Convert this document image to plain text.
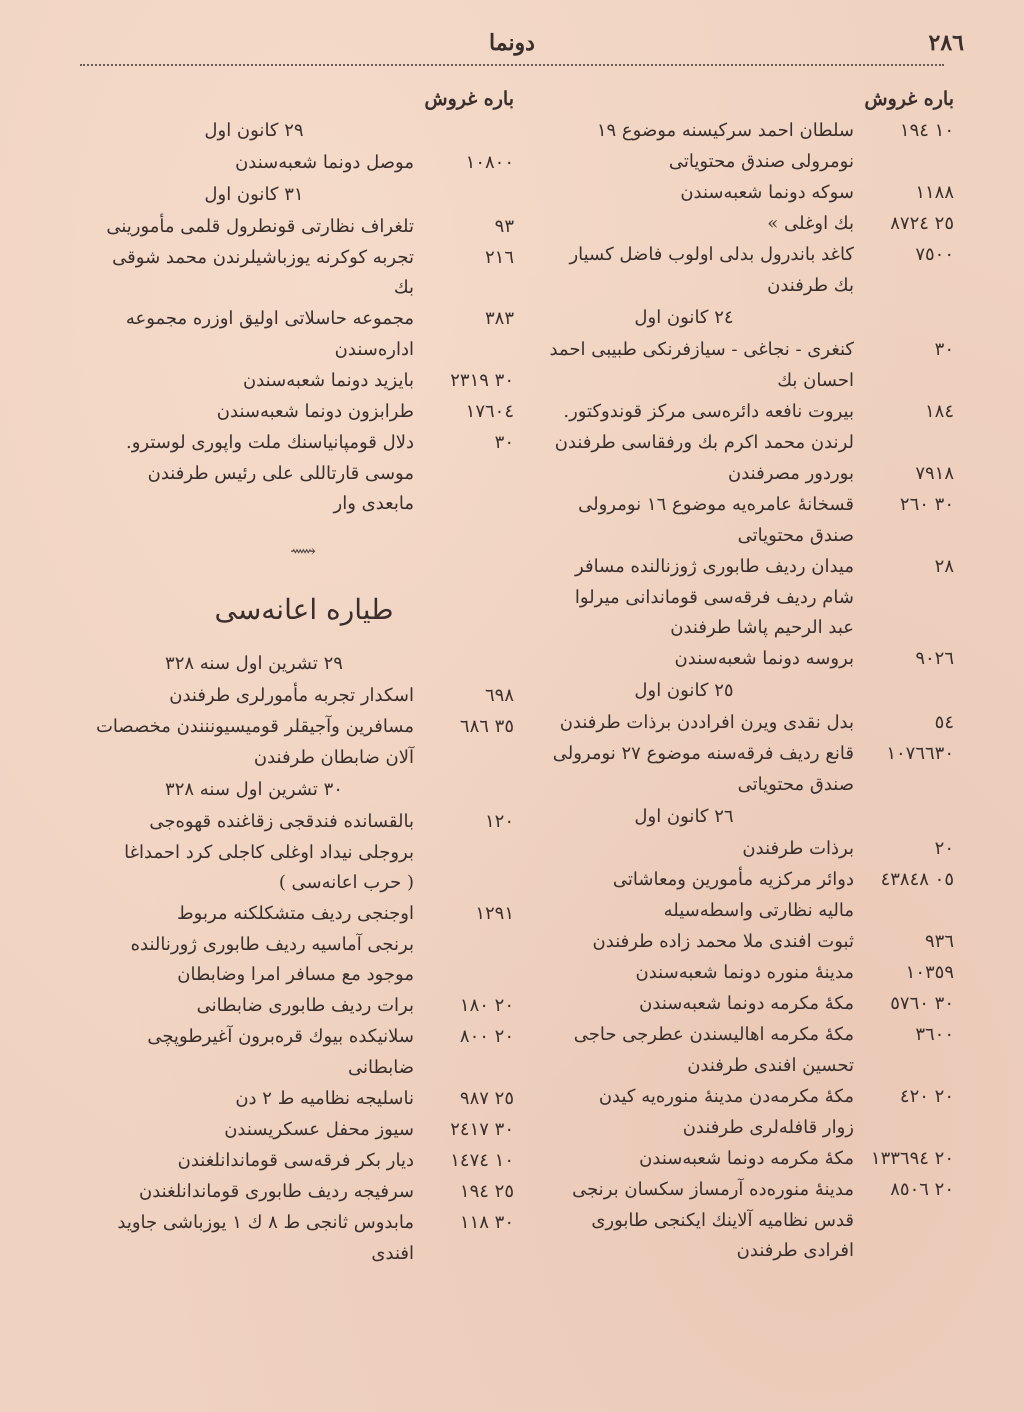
۲۸٦
دونما
باره غروش
١٠ ١٩٤
سلطان احمد سركيسنه موضوع ١٩
نومرولى صندق محتوياتى
١١٨٨
سوكه دونما شعبه‌سندن
٢٥ ٨٧٢٤
بك اوغلى »
٧٥٠٠
كاغد باندرول بدلى اولوب فاضل كسيار
بك طرفندن
٢٤ كانون اول
٣٠
كنغرى - نجاغى - سيازفرنكى طبيبى احمد
احسان بك
١٨٤
بيروت نافعه دائره‌سى مركز قوندوكتور.
لرندن محمد اكرم بك ورفقاسى طرفندن
٧٩١٨
بوردور مصرفندن
٣٠ ٢٦٠
قسخانهٔ عامره‌يه موضوع ١٦ نومرولى
صندق محتوياتى
٢٨
ميدان رديف طابورى ژوزنالنده مسافر
شام رديف فرقه‌سى قوماندانى ميرلوا
عبد الرحيم پاشا طرفندن
٩٠٢٦
بروسه دونما شعبه‌سندن
٢٥ كانون اول
٥٤
بدل نقدى ويرن افراددن برذات طرفندن
١٠٧٦٦٣٠
قانع رديف فرقه‌سنه موضوع ٢٧ نومرولى
صندق محتوياتى
٢٦ كانون اول
٢٠
برذات طرفندن
٠٥ ٤٣٨٤٨
دوائر مركزيه مأمورين ومعاشاتى
ماليه نظارتى واسطه‌سيله
٩٣٦
ثبوت افندى ملا محمد زاده طرفندن
١٠٣٥٩
مدينهٔ منوره دونما شعبه‌سندن
٣٠ ٥٧٦٠
مكهٔ مكرمه دونما شعبه‌سندن
٣٦٠٠
مكهٔ مكرمه اهاليسندن عطرجى حاجى
تحسين افندى طرفندن
٢٠ ٤٢٠
مكهٔ مكرمه‌دن مدينهٔ منوره‌يه كيدن
زوار قافله‌لرى طرفندن
٢٠ ١٣٣٦٩٤
مكهٔ مكرمه دونما شعبه‌سندن
٢٠ ٨٥٠٦
مدينهٔ منوره‌ده آرمساز سكسان برنجى
قدس نظاميه آلاينك ايكنجى طابورى
افرادى طرفندن
باره غروش
٢٩ كانون اول
١٠٨٠٠
موصل دونما شعبه‌سندن
٣١ كانون اول
٩٣
تلغراف نظارتى قونطرول قلمى مأمورينى
٢١٦
تجربه كوكرنه يوزباشيلرندن محمد شوقى بك
٣٨٣
مجموعه حاسلاتى اوليق اوزره مجموعه
اداره‌سندن
٣٠ ٢٣١٩
بايزيد دونما شعبه‌سندن
١٧٦٠٤
طرابزون دونما شعبه‌سندن
٣٠
دلال قومپانياسنك ملت واپورى لوسترو.
موسى قارتاللى على رئيس طرفندن
مابعدى وار
⟿
طياره اعانه‌سى
٢٩ تشرين اول سنه ٣٢٨
٦٩٨
اسكدار تجربه مأمورلرى طرفندن
٣٥ ٦٨٦
مسافرين وآجيقلر قوميسيوننندن مخصصات
آلان ضابطان طرفندن
٣٠ تشرين اول سنه ٣٢٨
١٢٠
بالقسانده فندقجى زقاغنده قهوه‌جى
بروجلى نيداد اوغلى كاجلى كرد احمداغا
( حرب اعانه‌سى )
١٢٩١
اوجنجى رديف متشكلكنه مربوط
برنجى آماسيه رديف طابورى ژورنالنده
موجود مع مسافر امرا وضابطان
٢٠ ١٨٠
برات رديف طابورى ضابطانى
٢٠ ٨٠٠
سلانيكده بيوك قره‌برون آغيرطوپچى
ضابطانى
٢٥ ٩٨٧
ناسليجه نظاميه ط ٢ دن
٣٠ ٢٤١٧
سيوز محفل عسكريسندن
١٠ ١٤٧٤
ديار بكر فرقه‌سى قوماندانلغندن
٢٥ ١٩٤
سرفيجه رديف طابورى قوماندانلغندن
٣٠ ١١٨
مابدوس ثانجى ط ٨ ك ١ يوزباشى جاويد
افندى
